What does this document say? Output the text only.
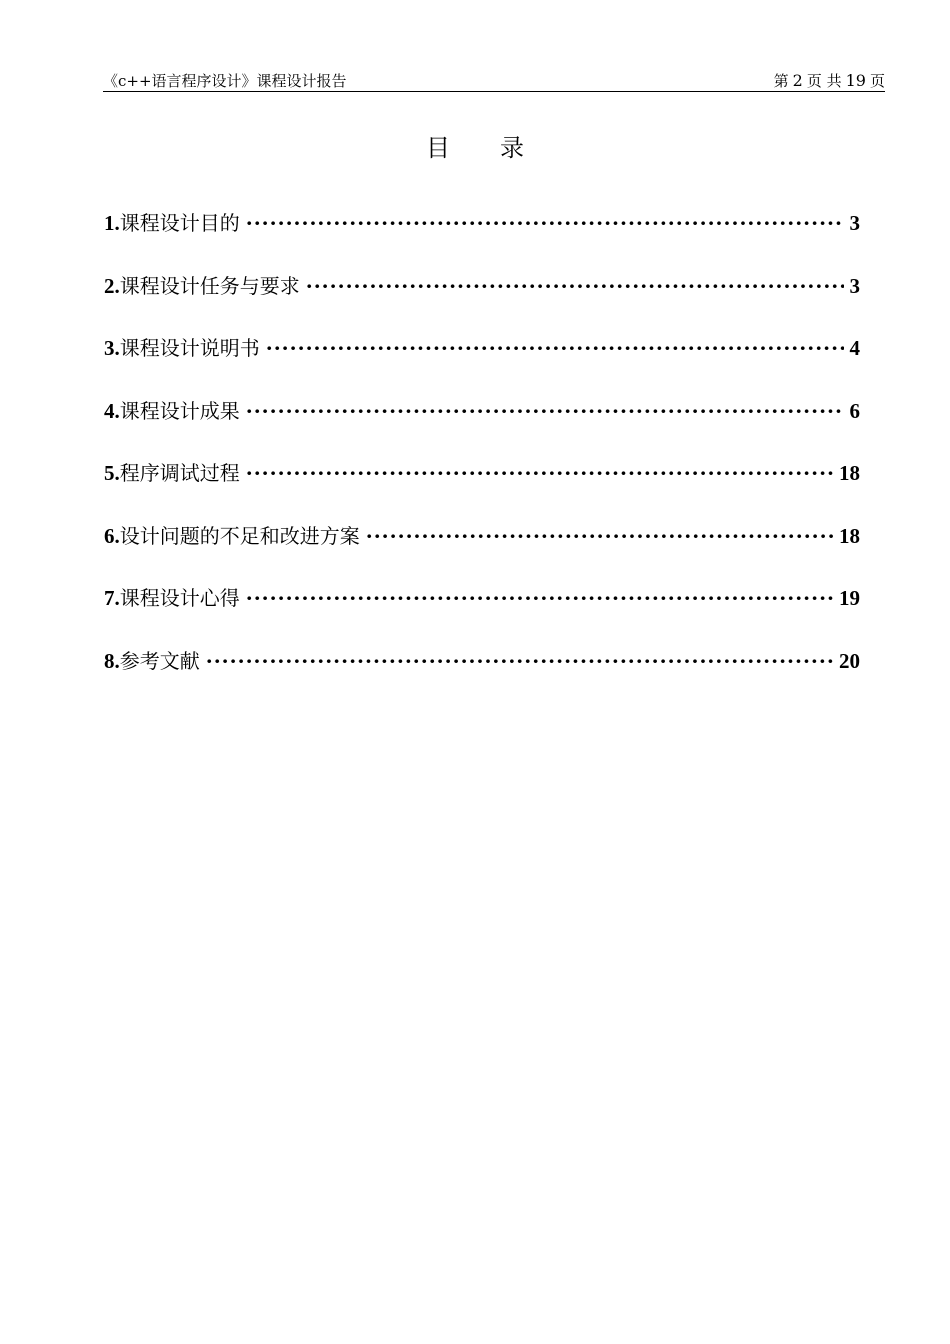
《c++语言程序设计》课程设计报告	第 2 页 共 19 页
目 录
1. 课程设计目的 ·····	3
2. 课程设计任务与要求 ·····	3
3. 课程设计说明书 ·····	4
4. 课程设计成果 ·····	6
5. 程序调试过程 ·····	18
6. 设计问题的不足和改进方案 ·····	18
7. 课程设计心得 ·····	19
8. 参考文献 ·····	20
